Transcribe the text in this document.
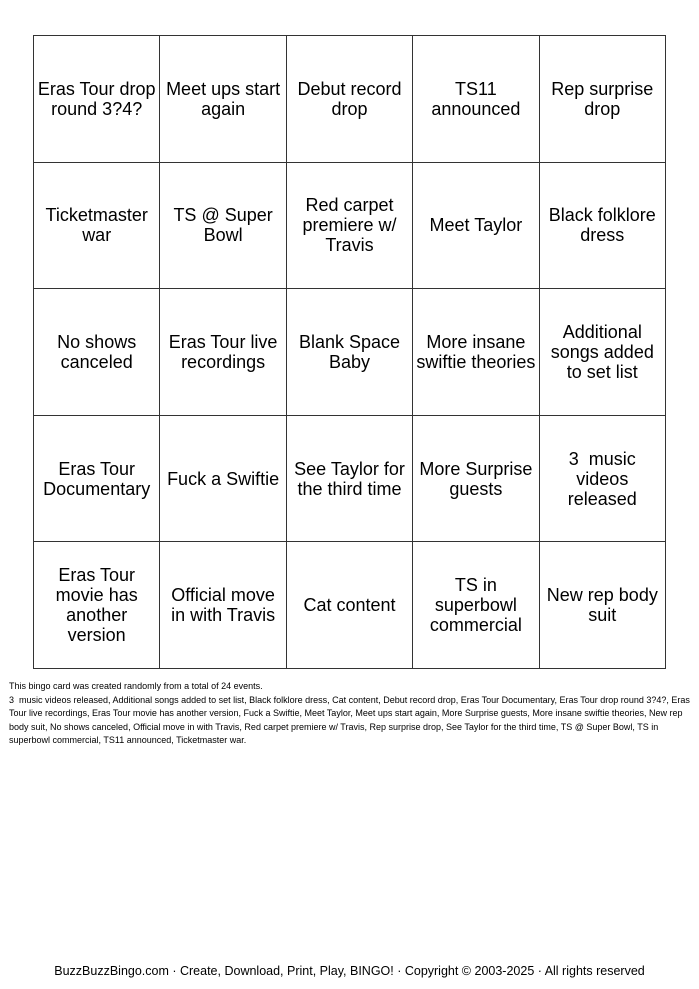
Eras Tour drop round 3?4?
Meet ups start again
Debut record drop
TS11 announced
Rep surprise drop
Ticketmaster war
TS @ Super Bowl
Red carpet premiere w/ Travis
Meet Taylor	Black folklore dress
No shows canceled
Eras Tour live recordings
Blank Space Baby
More insane swiftie theories
Additional songs added to set list
Eras Tour Documentary Fuck a Swiftie See Taylor for the third time
More Surprise guests
3  music videos released
Eras Tour movie has another version
Official move in with Travis	Cat content
TS in superbowl commercial
New rep body suit

This bingo card was created randomly from a total of 24 events.

3  music videos released, Additional songs added to set list, Black folklore dress, Cat content, Debut record drop, Eras Tour Documentary, Eras Tour drop round 3?4?, Eras Tour live recordings, Eras Tour movie has another version, Fuck a Swiftie, Meet Taylor, Meet ups start again, More Surprise guests, More insane swiftie theories, New rep body suit, No shows canceled, Official move in with Travis, Red carpet premiere w/ Travis, Rep surprise drop, See Taylor for the third time, TS @ Super Bowl, TS in superbowl commercial, TS11 announced, Ticketmaster war.

BuzzBuzzBingo.com · Create, Download, Print, Play, BINGO! · Copyright © 2003-2025 · All rights reserved
